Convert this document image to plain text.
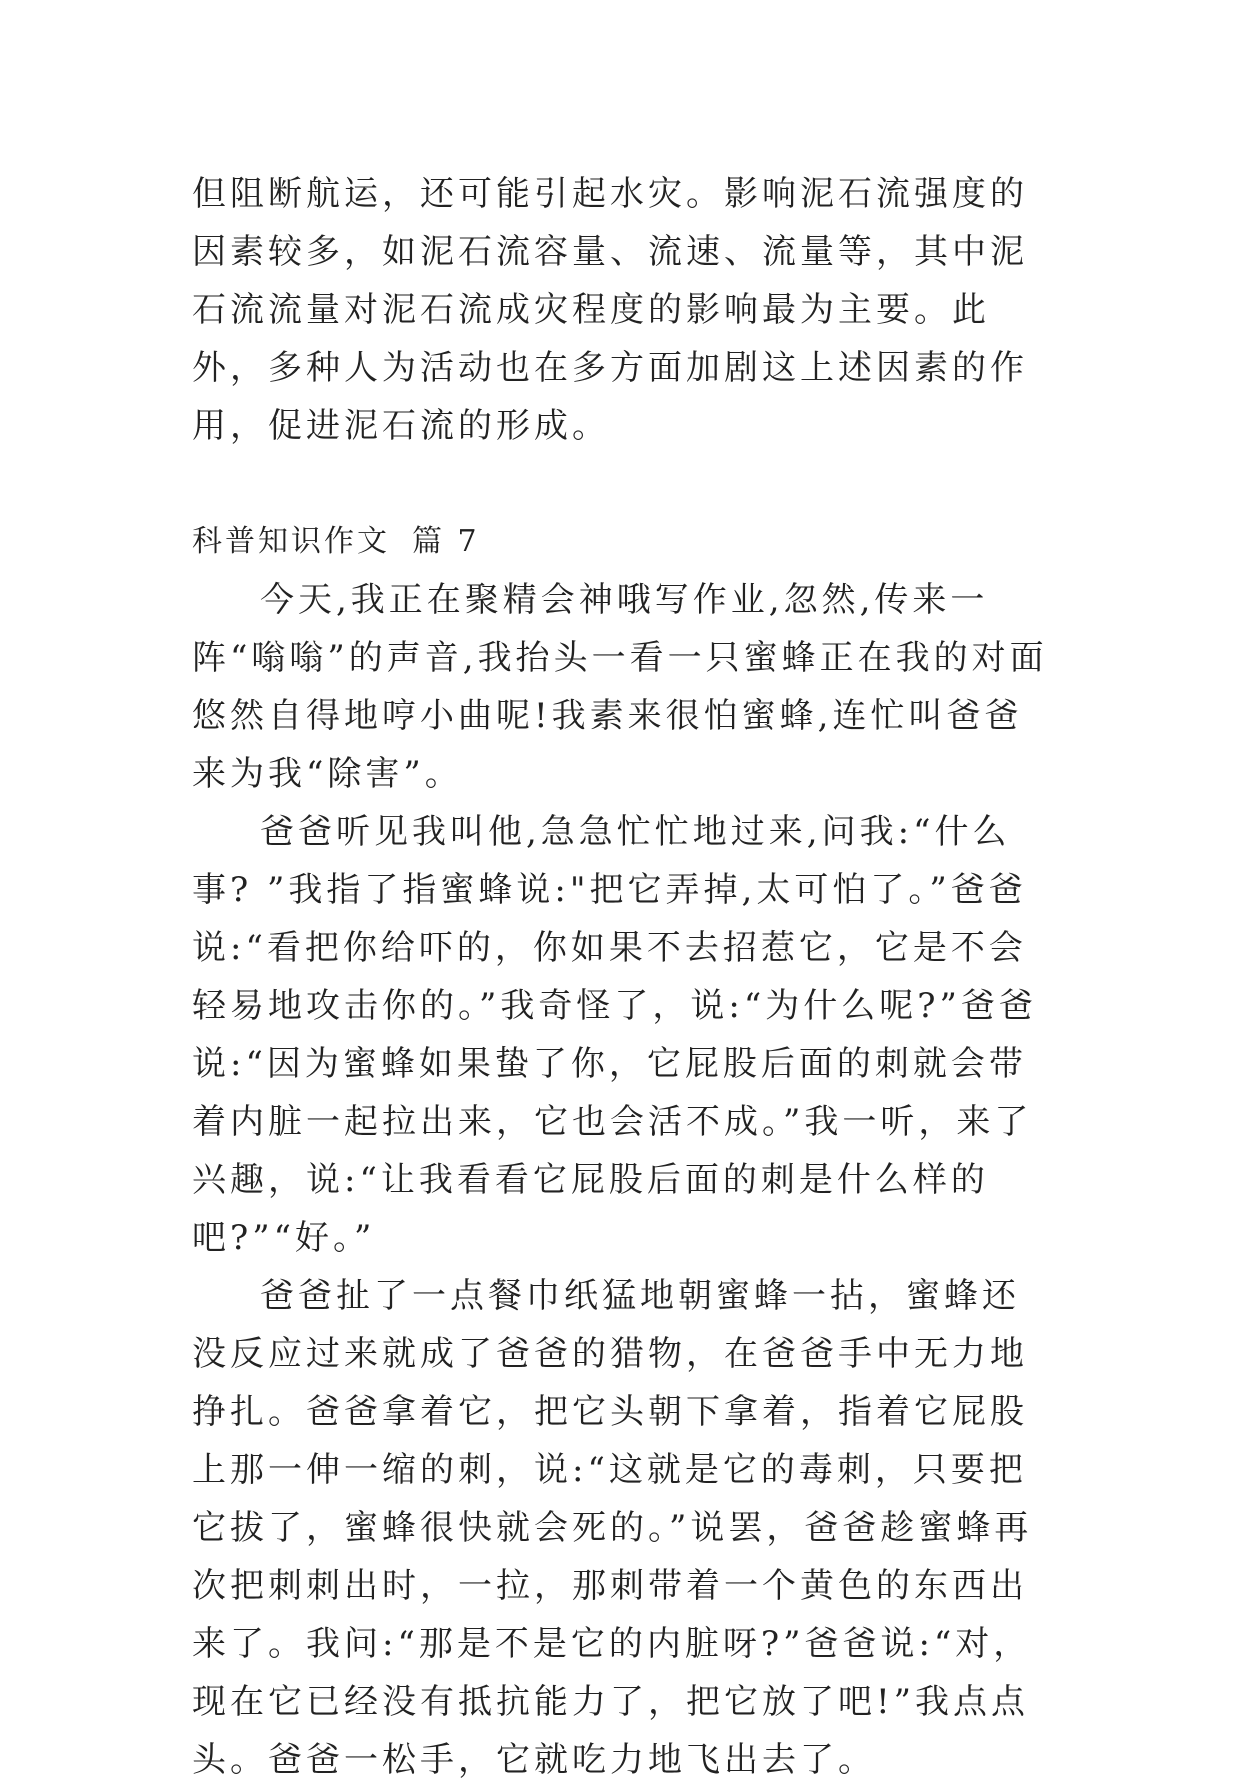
但阻断航运，还可能引起水灾。影响泥石流强度的因素较多，如泥石流容量、流速、流量等，其中泥石流流量对泥石流成灾程度的影响最为主要。此外，多种人为活动也在多方面加剧这上述因素的作用，促进泥石流的形成。

科普知识作文 篇 7

今天,我正在聚精会神哦写作业,忽然,传来一阵“嗡嗡”的声音,我抬头一看一只蜜蜂正在我的对面悠然自得地哼小曲呢!我素来很怕蜜蜂,连忙叫爸爸来为我“除害”。

爸爸听见我叫他,急急忙忙地过来,问我:“什么事? ”我指了指蜜蜂说:"把它弄掉,太可怕了。”爸爸说:“看把你给吓的，你如果不去招惹它，它是不会轻易地攻击你的。”我奇怪了，说:“为什么呢?”爸爸说:“因为蜜蜂如果蛰了你，它屁股后面的刺就会带着内脏一起拉出来，它也会活不成。”我一听，来了兴趣，说:“让我看看它屁股后面的刺是什么样的吧?”“好。”

爸爸扯了一点餐巾纸猛地朝蜜蜂一拈，蜜蜂还没反应过来就成了爸爸的猎物，在爸爸手中无力地挣扎。爸爸拿着它，把它头朝下拿着，指着它屁股上那一伸一缩的刺，说:“这就是它的毒刺，只要把它拔了，蜜蜂很快就会死的。”说罢，爸爸趁蜜蜂再次把刺刺出时，一拉，那刺带着一个黄色的东西出来了。我问:“那是不是它的内脏呀?”爸爸说:“对，现在它已经没有抵抗能力了，把它放了吧!”我点点头。爸爸一松手，它就吃力地飞出去了。
